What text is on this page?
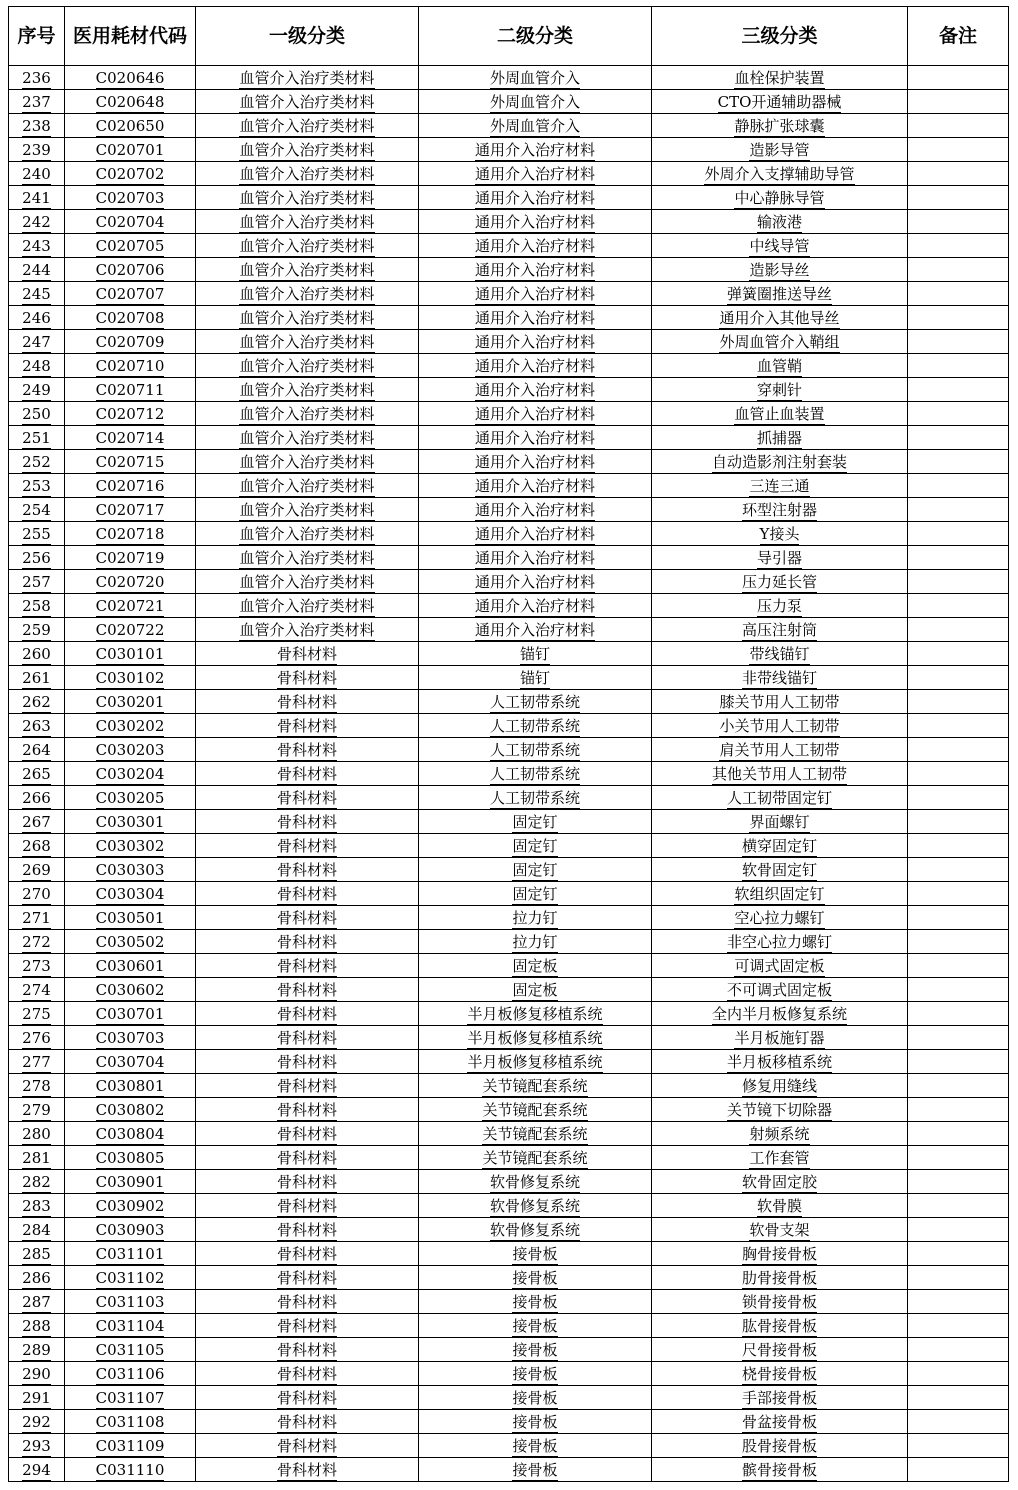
序号	医用耗材代码	一级分类	二级分类	三级分类	备注
236	C020646	血管介入治疗类材料	外周血管介入	血栓保护装置	
237	C020648	血管介入治疗类材料	外周血管介入	CTO开通辅助器械	
238	C020650	血管介入治疗类材料	外周血管介入	静脉扩张球囊	
239	C020701	血管介入治疗类材料	通用介入治疗材料	造影导管	
240	C020702	血管介入治疗类材料	通用介入治疗材料	外周介入支撑辅助导管	
241	C020703	血管介入治疗类材料	通用介入治疗材料	中心静脉导管	
242	C020704	血管介入治疗类材料	通用介入治疗材料	输液港	
243	C020705	血管介入治疗类材料	通用介入治疗材料	中线导管	
244	C020706	血管介入治疗类材料	通用介入治疗材料	造影导丝	
245	C020707	血管介入治疗类材料	通用介入治疗材料	弹簧圈推送导丝	
246	C020708	血管介入治疗类材料	通用介入治疗材料	通用介入其他导丝	
247	C020709	血管介入治疗类材料	通用介入治疗材料	外周血管介入鞘组	
248	C020710	血管介入治疗类材料	通用介入治疗材料	血管鞘	
249	C020711	血管介入治疗类材料	通用介入治疗材料	穿刺针	
250	C020712	血管介入治疗类材料	通用介入治疗材料	血管止血装置	
251	C020714	血管介入治疗类材料	通用介入治疗材料	抓捕器	
252	C020715	血管介入治疗类材料	通用介入治疗材料	自动造影剂注射套装	
253	C020716	血管介入治疗类材料	通用介入治疗材料	三连三通	
254	C020717	血管介入治疗类材料	通用介入治疗材料	环型注射器	
255	C020718	血管介入治疗类材料	通用介入治疗材料	Y接头	
256	C020719	血管介入治疗类材料	通用介入治疗材料	导引器	
257	C020720	血管介入治疗类材料	通用介入治疗材料	压力延长管	
258	C020721	血管介入治疗类材料	通用介入治疗材料	压力泵	
259	C020722	血管介入治疗类材料	通用介入治疗材料	高压注射筒	
260	C030101	骨科材料	锚钉	带线锚钉	
261	C030102	骨科材料	锚钉	非带线锚钉	
262	C030201	骨科材料	人工韧带系统	膝关节用人工韧带	
263	C030202	骨科材料	人工韧带系统	小关节用人工韧带	
264	C030203	骨科材料	人工韧带系统	肩关节用人工韧带	
265	C030204	骨科材料	人工韧带系统	其他关节用人工韧带	
266	C030205	骨科材料	人工韧带系统	人工韧带固定钉	
267	C030301	骨科材料	固定钉	界面螺钉	
268	C030302	骨科材料	固定钉	横穿固定钉	
269	C030303	骨科材料	固定钉	软骨固定钉	
270	C030304	骨科材料	固定钉	软组织固定钉	
271	C030501	骨科材料	拉力钉	空心拉力螺钉	
272	C030502	骨科材料	拉力钉	非空心拉力螺钉	
273	C030601	骨科材料	固定板	可调式固定板	
274	C030602	骨科材料	固定板	不可调式固定板	
275	C030701	骨科材料	半月板修复移植系统	全内半月板修复系统	
276	C030703	骨科材料	半月板修复移植系统	半月板施钉器	
277	C030704	骨科材料	半月板修复移植系统	半月板移植系统	
278	C030801	骨科材料	关节镜配套系统	修复用缝线	
279	C030802	骨科材料	关节镜配套系统	关节镜下切除器	
280	C030804	骨科材料	关节镜配套系统	射频系统	
281	C030805	骨科材料	关节镜配套系统	工作套管	
282	C030901	骨科材料	软骨修复系统	软骨固定胶	
283	C030902	骨科材料	软骨修复系统	软骨膜	
284	C030903	骨科材料	软骨修复系统	软骨支架	
285	C031101	骨科材料	接骨板	胸骨接骨板	
286	C031102	骨科材料	接骨板	肋骨接骨板	
287	C031103	骨科材料	接骨板	锁骨接骨板	
288	C031104	骨科材料	接骨板	肱骨接骨板	
289	C031105	骨科材料	接骨板	尺骨接骨板	
290	C031106	骨科材料	接骨板	桡骨接骨板	
291	C031107	骨科材料	接骨板	手部接骨板	
292	C031108	骨科材料	接骨板	骨盆接骨板	
293	C031109	骨科材料	接骨板	股骨接骨板	
294	C031110	骨科材料	接骨板	髌骨接骨板	
